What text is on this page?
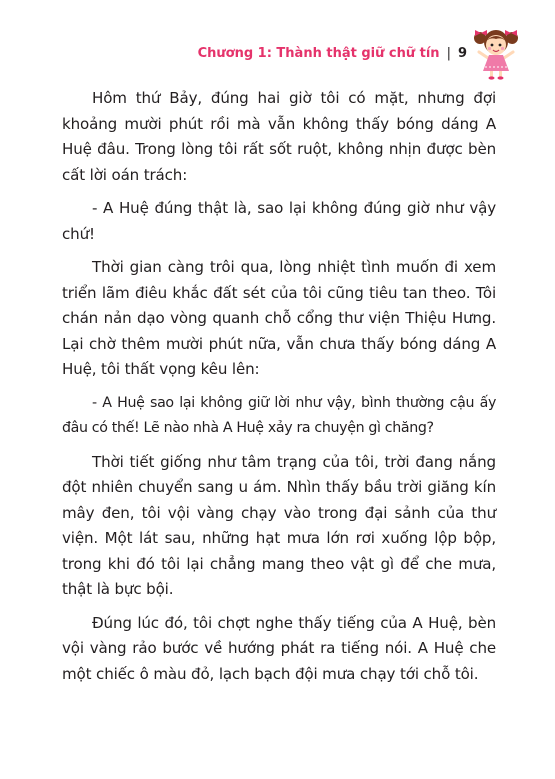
Chương 1: Thành thật giữ chữ tín | 9

Hôm thứ Bảy, đúng hai giờ tôi có mặt, nhưng đợi khoảng mười phút rồi mà vẫn không thấy bóng dáng A Huệ đâu. Trong lòng tôi rất sốt ruột, không nhịn được bèn cất lời oán trách:

- A Huệ đúng thật là, sao lại không đúng giờ như vậy chứ!

Thời gian càng trôi qua, lòng nhiệt tình muốn đi xem triển lãm điêu khắc đất sét của tôi cũng tiêu tan theo. Tôi chán nản dạo vòng quanh chỗ cổng thư viện Thiệu Hưng. Lại chờ thêm mười phút nữa, vẫn chưa thấy bóng dáng A Huệ, tôi thất vọng kêu lên:

- A Huệ sao lại không giữ lời như vậy, bình thường cậu ấy đâu có thế! Lẽ nào nhà A Huệ xảy ra chuyện gì chăng?

Thời tiết giống như tâm trạng của tôi, trời đang nắng đột nhiên chuyển sang u ám. Nhìn thấy bầu trời giăng kín mây đen, tôi vội vàng chạy vào trong đại sảnh của thư viện. Một lát sau, những hạt mưa lớn rơi xuống lộp bộp, trong khi đó tôi lại chẳng mang theo vật gì để che mưa, thật là bực bội.

Đúng lúc đó, tôi chợt nghe thấy tiếng của A Huệ, bèn vội vàng rảo bước về hướng phát ra tiếng nói. A Huệ che một chiếc ô màu đỏ, lạch bạch đội mưa chạy tới chỗ tôi.
